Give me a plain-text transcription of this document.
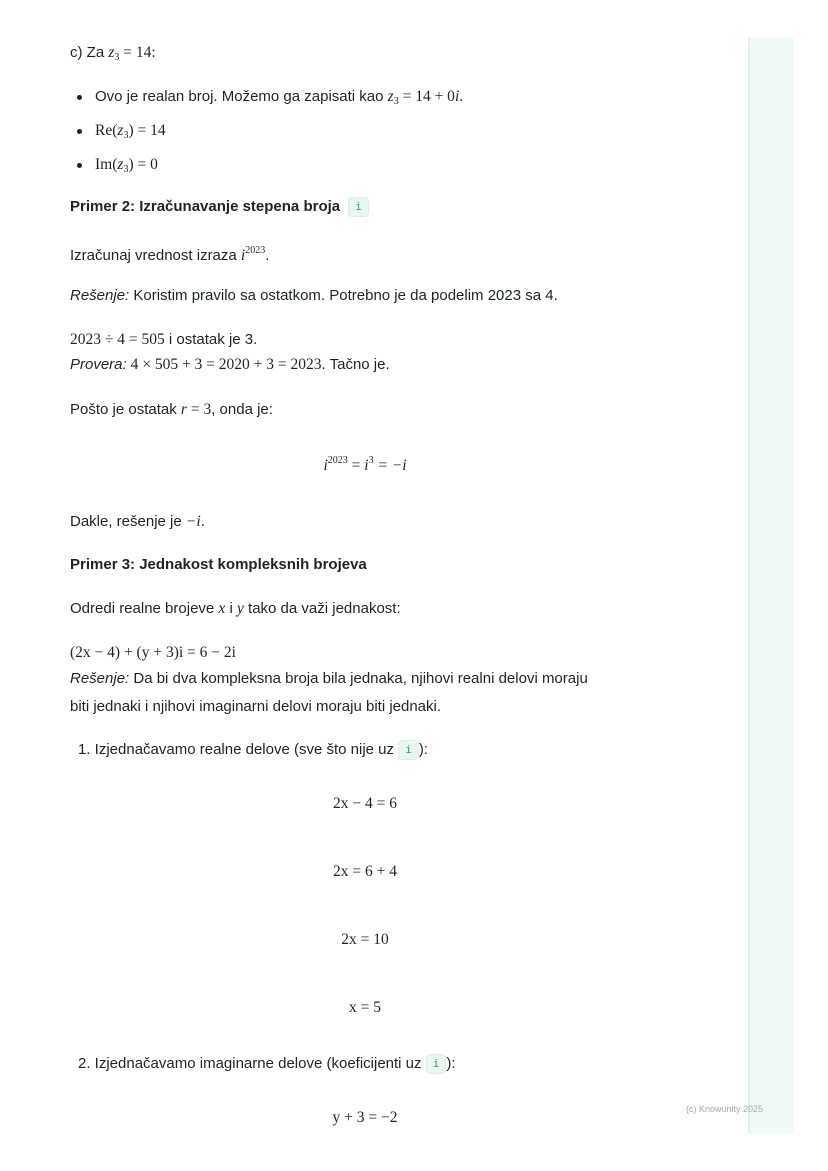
c) Za $z_3 = 14$:
Ovo je realan broj. Možemo ga zapisati kao $z_3 = 14 + 0i$.
$Re(z_3) = 14$
$Im(z_3) = 0$
Primer 2: Izračunavanje stepena broja i
Izračunaj vrednost izraza $i^{2023}$.
Rešenje: Koristim pravilo sa ostatkom. Potrebno je da podelim 2023 sa 4.
2023 ÷ 4 = 505 i ostatak je 3.
Provera: 4 × 505 + 3 = 2020 + 3 = 2023. Tačno je.
Pošto je ostatak r = 3, onda je:
$i^{2023} = i^3 = -i$
Dakle, rešenje je −i.
Primer 3: Jednakost kompleksnih brojeva
Odredi realne brojeve x i y tako da važi jednakost:
(2x − 4) + (y + 3)i = 6 − 2i
Rešenje: Da bi dva kompleksna broja bila jednaka, njihovi realni delovi moraju
biti jednaki i njihovi imaginarni delovi moraju biti jednaki.
1. Izjednačavamo realne delove (sve što nije uz i ):
2x − 4 = 6
2x = 6 + 4
2x = 10
x = 5
2. Izjednačavamo imaginarne delove (koeficijenti uz i ):
y + 3 = −2	(c) Knowunity 2025
